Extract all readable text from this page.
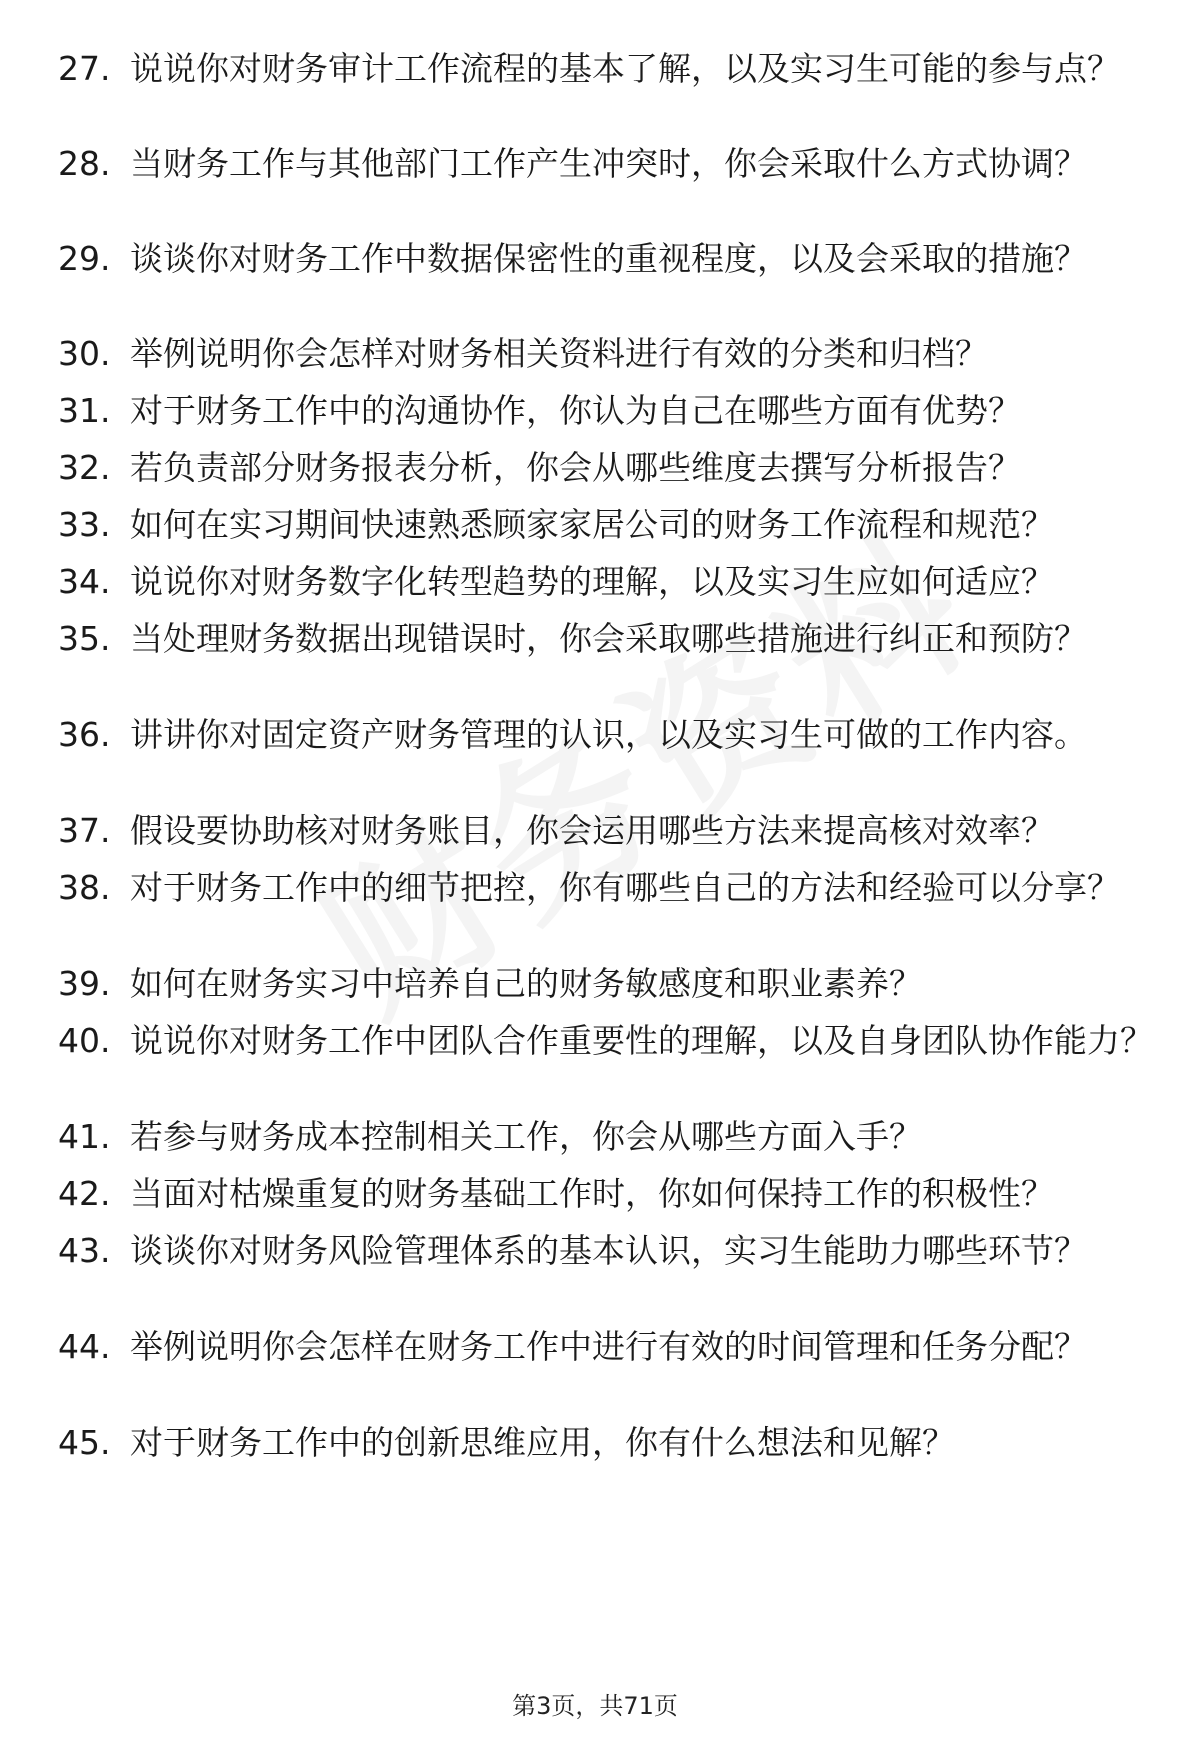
27. 说说你对财务审计工作流程的基本了解，以及实习生可能的参与点？
28. 当财务工作与其他部门工作产生冲突时，你会采取什么方式协调？
29. 谈谈你对财务工作中数据保密性的重视程度，以及会采取的措施？
30. 举例说明你会怎样对财务相关资料进行有效的分类和归档？
31. 对于财务工作中的沟通协作，你认为自己在哪些方面有优势？
32. 若负责部分财务报表分析，你会从哪些维度去撰写分析报告？
33. 如何在实习期间快速熟悉顾家家居公司的财务工作流程和规范？
34. 说说你对财务数字化转型趋势的理解，以及实习生应如何适应？
35. 当处理财务数据出现错误时，你会采取哪些措施进行纠正和预防？
36. 讲讲你对固定资产财务管理的认识，以及实习生可做的工作内容。
37. 假设要协助核对财务账目，你会运用哪些方法来提高核对效率？
38. 对于财务工作中的细节把控，你有哪些自己的方法和经验可以分享？
39. 如何在财务实习中培养自己的财务敏感度和职业素养？
40. 说说你对财务工作中团队合作重要性的理解，以及自身团队协作能力？
41. 若参与财务成本控制相关工作，你会从哪些方面入手？
42. 当面对枯燥重复的财务基础工作时，你如何保持工作的积极性？
43. 谈谈你对财务风险管理体系的基本认识，实习生能助力哪些环节？
44. 举例说明你会怎样在财务工作中进行有效的时间管理和任务分配？
45. 对于财务工作中的创新思维应用，你有什么想法和见解？
第3页，共71页
